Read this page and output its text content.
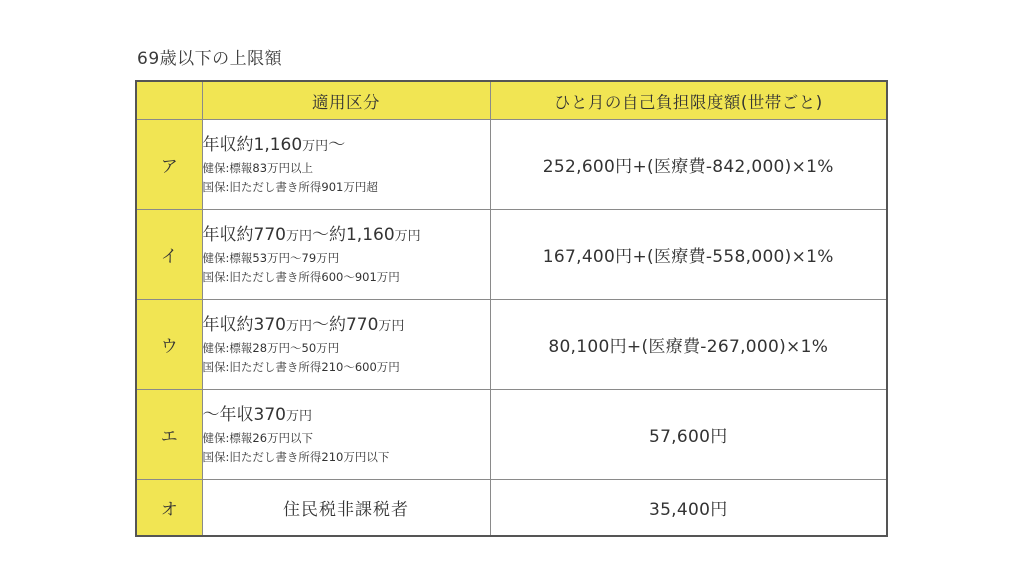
69歳以下の上限額
	適用区分	ひと月の自己負担限度額(世帯ごと)
ア	年収約1,160万円～
健保:標報83万円以上
国保:旧ただし書き所得901万円超	252,600円+(医療費-842,000)×1%
イ	年収約770万円～約1,160万円
健保:標報53万円～79万円
国保:旧ただし書き所得600～901万円	167,400円+(医療費-558,000)×1%
ウ	年収約370万円～約770万円
健保:標報28万円～50万円
国保:旧ただし書き所得210～600万円	80,100円+(医療費-267,000)×1%
エ	～年収370万円
健保:標報26万円以下
国保:旧ただし書き所得210万円以下	57,600円
オ	住民税非課税者	35,400円
